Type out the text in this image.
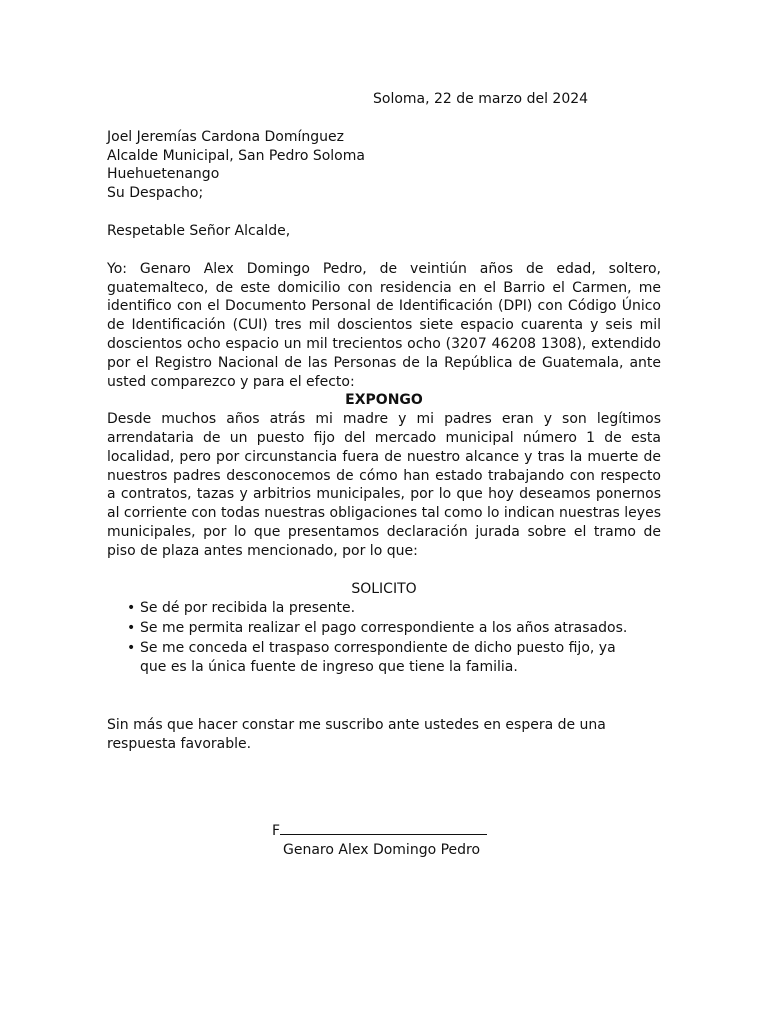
Soloma, 22 de marzo del 2024

Joel Jeremías Cardona Domínguez

Alcalde Municipal, San Pedro Soloma

Huehuetenango

Su Despacho;

Respetable Señor Alcalde,

Yo: Genaro Alex Domingo Pedro, de veintiún años de edad, soltero, guatemalteco, de este domicilio con residencia en el Barrio el Carmen, me identifico con el Documento Personal de Identificación (DPI) con Código Único de Identificación (CUI) tres mil doscientos siete espacio cuarenta y seis mil doscientos ocho espacio un mil trecientos ocho (3207 46208 1308), extendido por el Registro Nacional de las Personas de la República de Guatemala, ante usted comparezco y para el efecto:

EXPONGO

Desde muchos años atrás mi madre y mi padres eran y son legítimos arrendataria de un puesto fijo del mercado municipal número 1 de esta localidad, pero por circunstancia fuera de nuestro alcance y tras la muerte de nuestros padres desconocemos de cómo han estado trabajando con respecto a contratos, tazas y arbitrios municipales, por lo que hoy deseamos ponernos al corriente con todas nuestras obligaciones tal como lo indican nuestras leyes municipales, por lo que presentamos declaración jurada sobre el tramo de piso de plaza antes mencionado, por lo que:

SOLICITO

• Se dé por recibida la presente.
• Se me permita realizar el pago correspondiente a los años atrasados.
• Se me conceda el traspaso correspondiente de dicho puesto fijo, ya que es la única fuente de ingreso que tiene la familia.

Sin más que hacer constar me suscribo ante ustedes en espera de una respuesta favorable.

F

Genaro Alex Domingo Pedro
